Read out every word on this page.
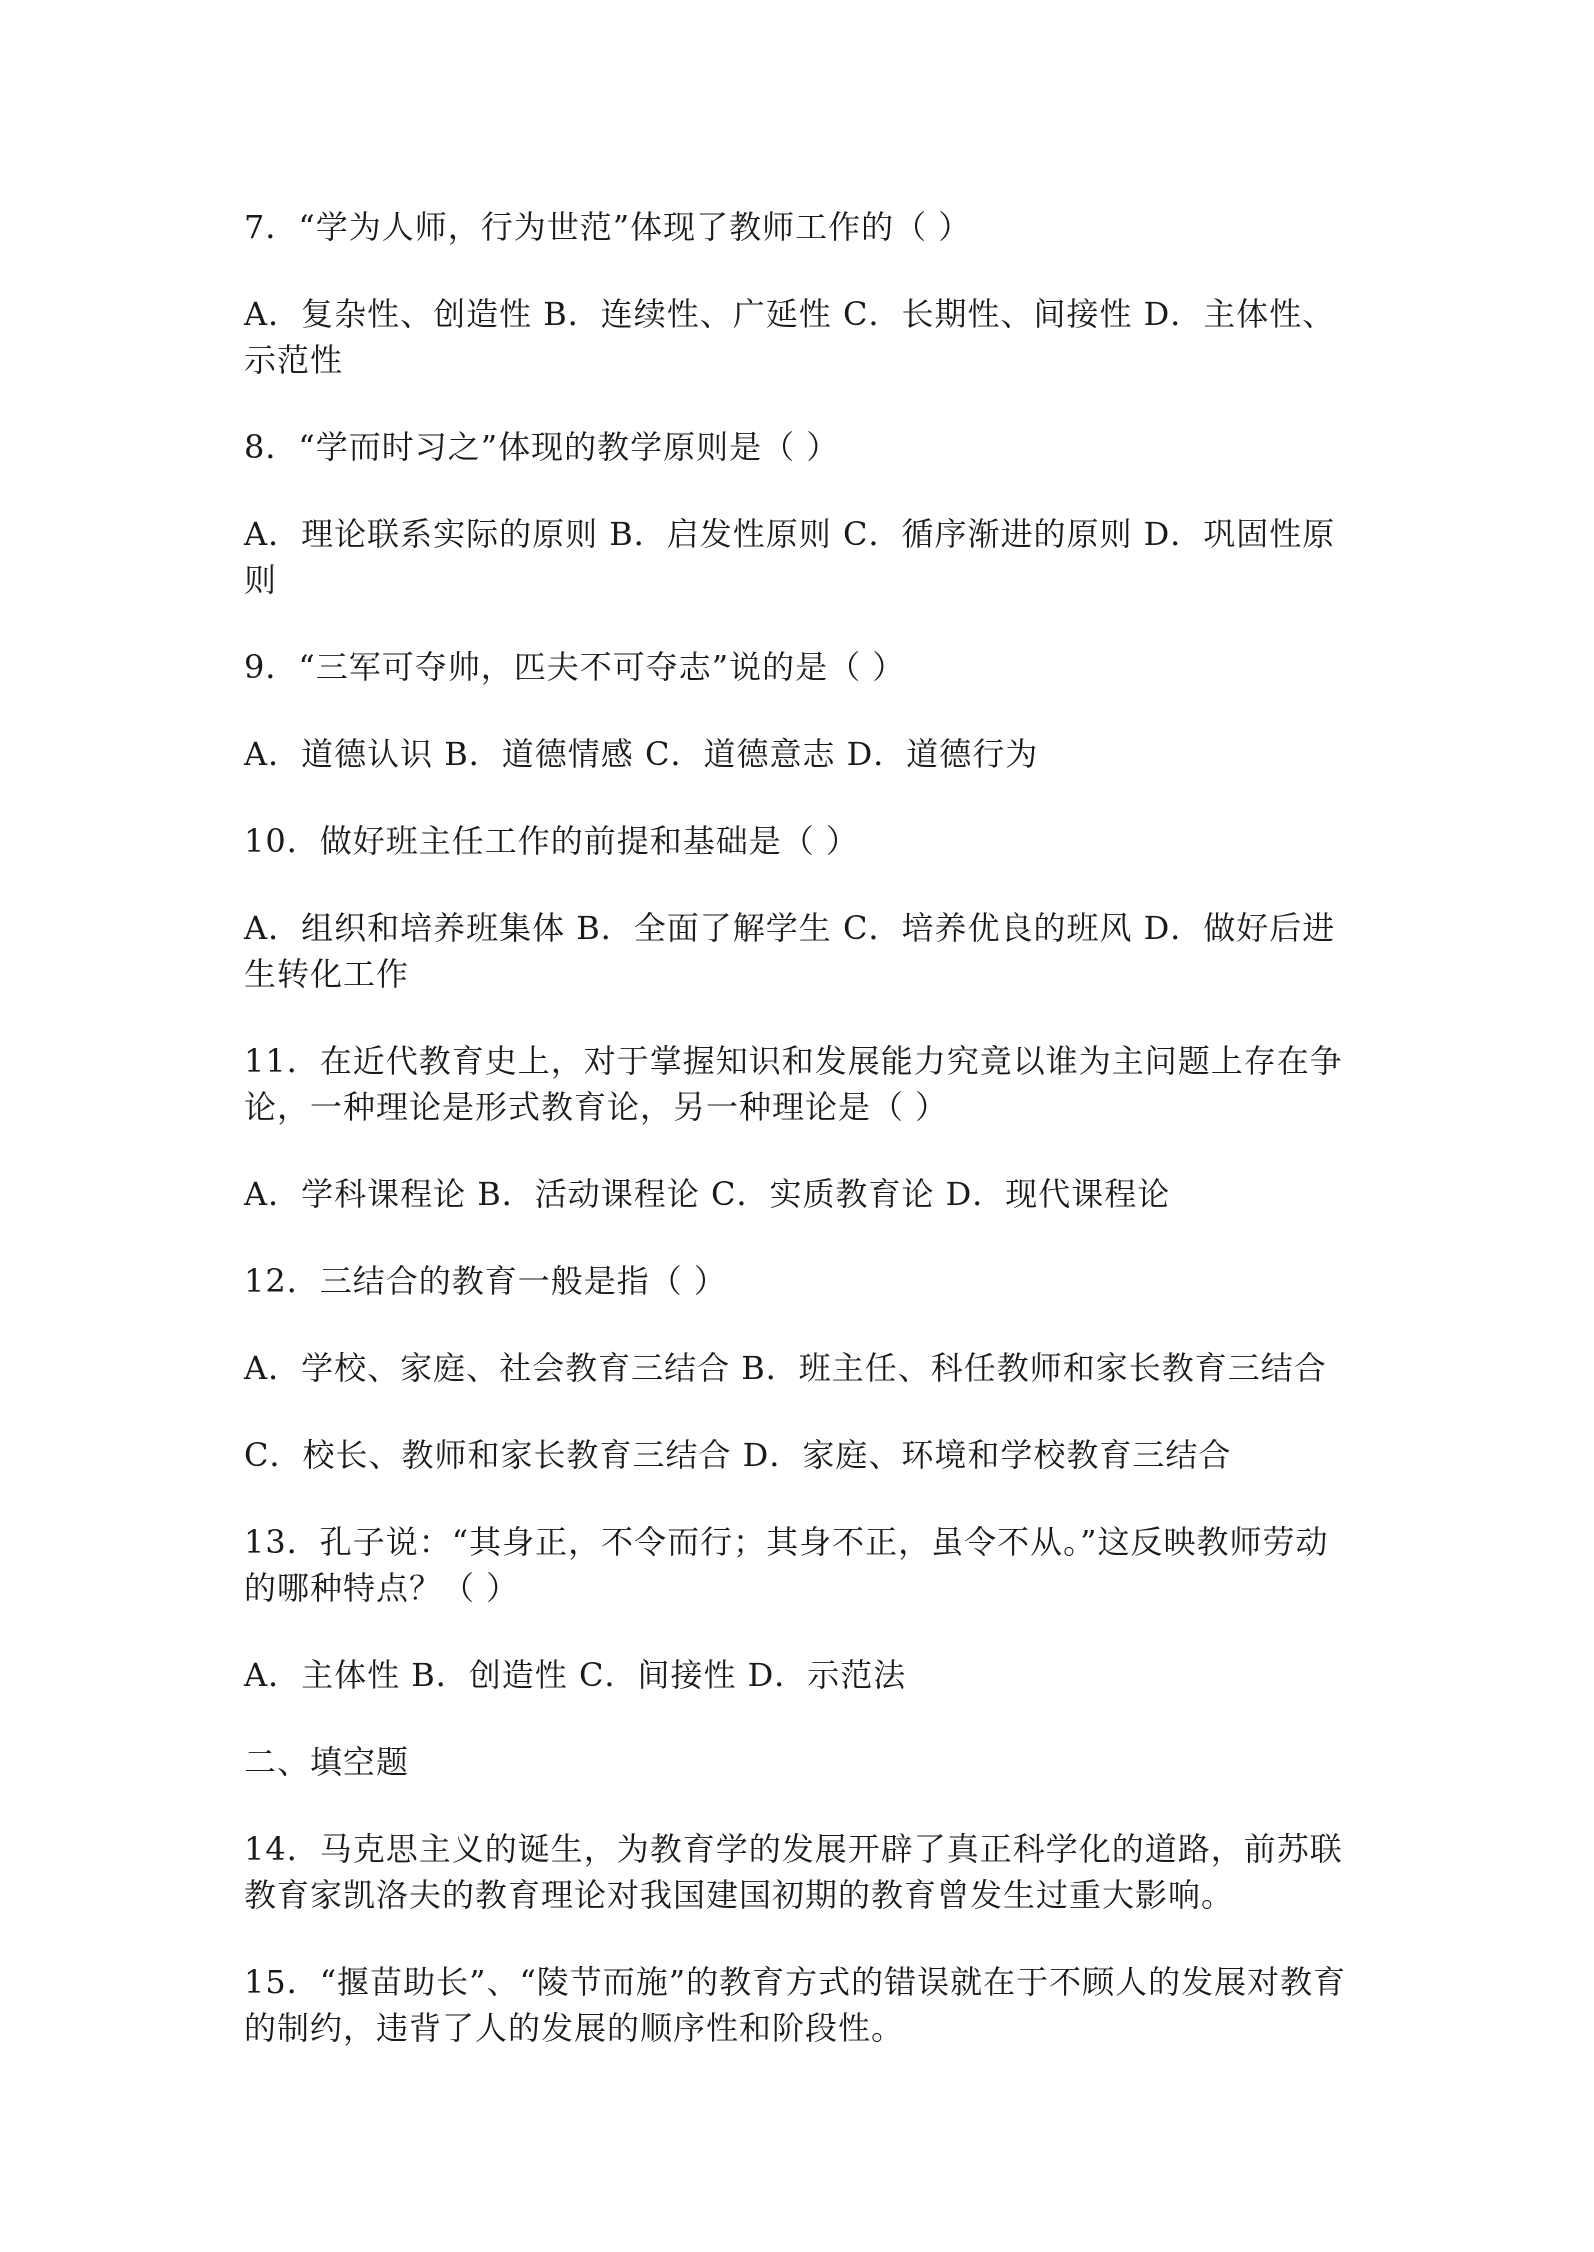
7．“学为人师，行为世范”体现了教师工作的（ ）

A．复杂性、创造性 B．连续性、广延性 C．长期性、间接性 D．主体性、示范性

8．“学而时习之”体现的教学原则是（ ）

A．理论联系实际的原则 B．启发性原则 C．循序渐进的原则 D．巩固性原则

9．“三军可夺帅，匹夫不可夺志”说的是（ ）

A．道德认识 B．道德情感 C．道德意志 D．道德行为

10．做好班主任工作的前提和基础是（ ）

A．组织和培养班集体 B．全面了解学生 C．培养优良的班风 D．做好后进生转化工作

11．在近代教育史上，对于掌握知识和发展能力究竟以谁为主问题上存在争论，一种理论是形式教育论，另一种理论是（ ）

A．学科课程论 B．活动课程论 C．实质教育论 D．现代课程论

12．三结合的教育一般是指（ ）

A．学校、家庭、社会教育三结合 B．班主任、科任教师和家长教育三结合

C．校长、教师和家长教育三结合 D．家庭、环境和学校教育三结合

13．孔子说：“其身正，不令而行；其身不正，虽令不从。”这反映教师劳动的哪种特点？（ ）

A．主体性 B．创造性 C．间接性 D．示范法

二、填空题

14．马克思主义的诞生，为教育学的发展开辟了真正科学化的道路，前苏联教育家凯洛夫的教育理论对我国建国初期的教育曾发生过重大影响。

15．“揠苗助长”、“陵节而施”的教育方式的错误就在于不顾人的发展对教育的制约，违背了人的发展的顺序性和阶段性。
